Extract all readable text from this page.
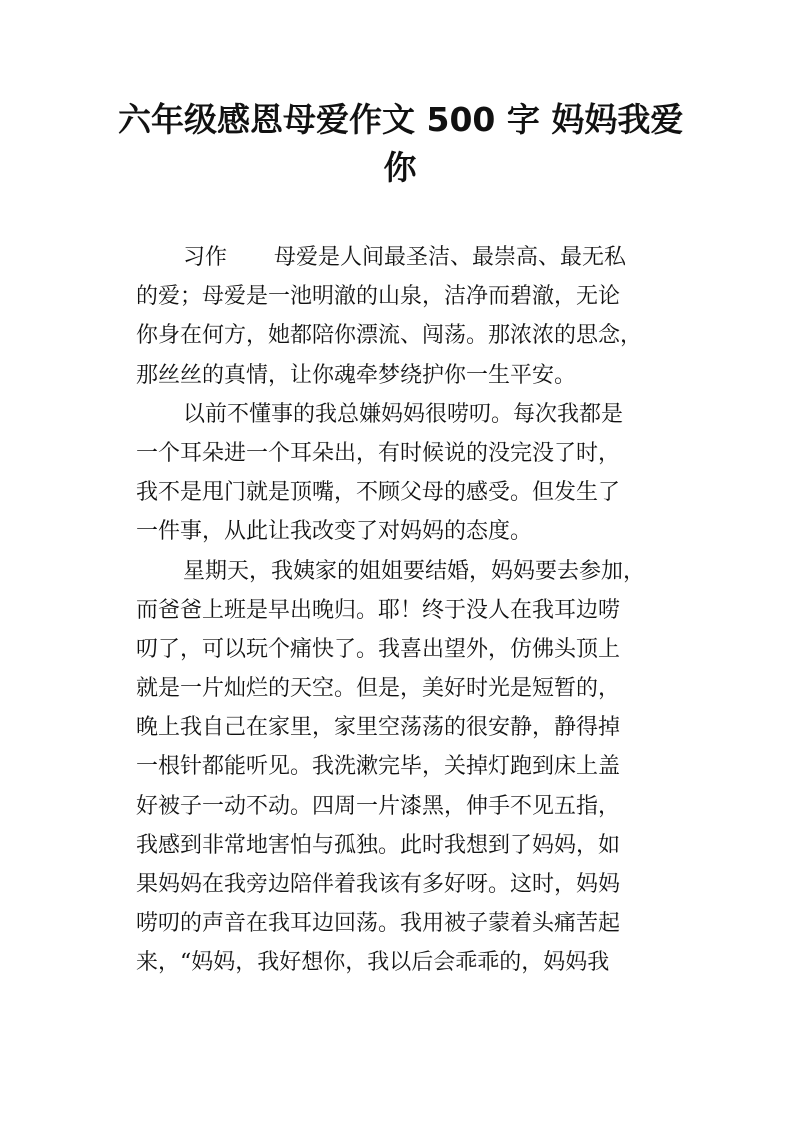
六年级感恩母爱作文 500 字 妈妈我爱
你
习作 母爱是人间最圣洁、最崇高、最无私
的爱；母爱是一池明澈的山泉，洁净而碧澈，无论
你身在何方，她都陪你漂流、闯荡。那浓浓的思念，
那丝丝的真情，让你魂牵梦绕护你一生平安。
以前不懂事的我总嫌妈妈很唠叨。每次我都是
一个耳朵进一个耳朵出，有时候说的没完没了时，
我不是甩门就是顶嘴，不顾父母的感受。但发生了
一件事，从此让我改变了对妈妈的态度。
星期天，我姨家的姐姐要结婚，妈妈要去参加，
而爸爸上班是早出晚归。耶！终于没人在我耳边唠
叨了，可以玩个痛快了。我喜出望外，仿佛头顶上
就是一片灿烂的天空。但是，美好时光是短暂的，
晚上我自己在家里，家里空荡荡的很安静，静得掉
一根针都能听见。我洗漱完毕，关掉灯跑到床上盖
好被子一动不动。四周一片漆黑，伸手不见五指，
我感到非常地害怕与孤独。此时我想到了妈妈，如
果妈妈在我旁边陪伴着我该有多好呀。这时，妈妈
唠叨的声音在我耳边回荡。我用被子蒙着头痛苦起
来，“妈妈，我好想你，我以后会乖乖的，妈妈我
